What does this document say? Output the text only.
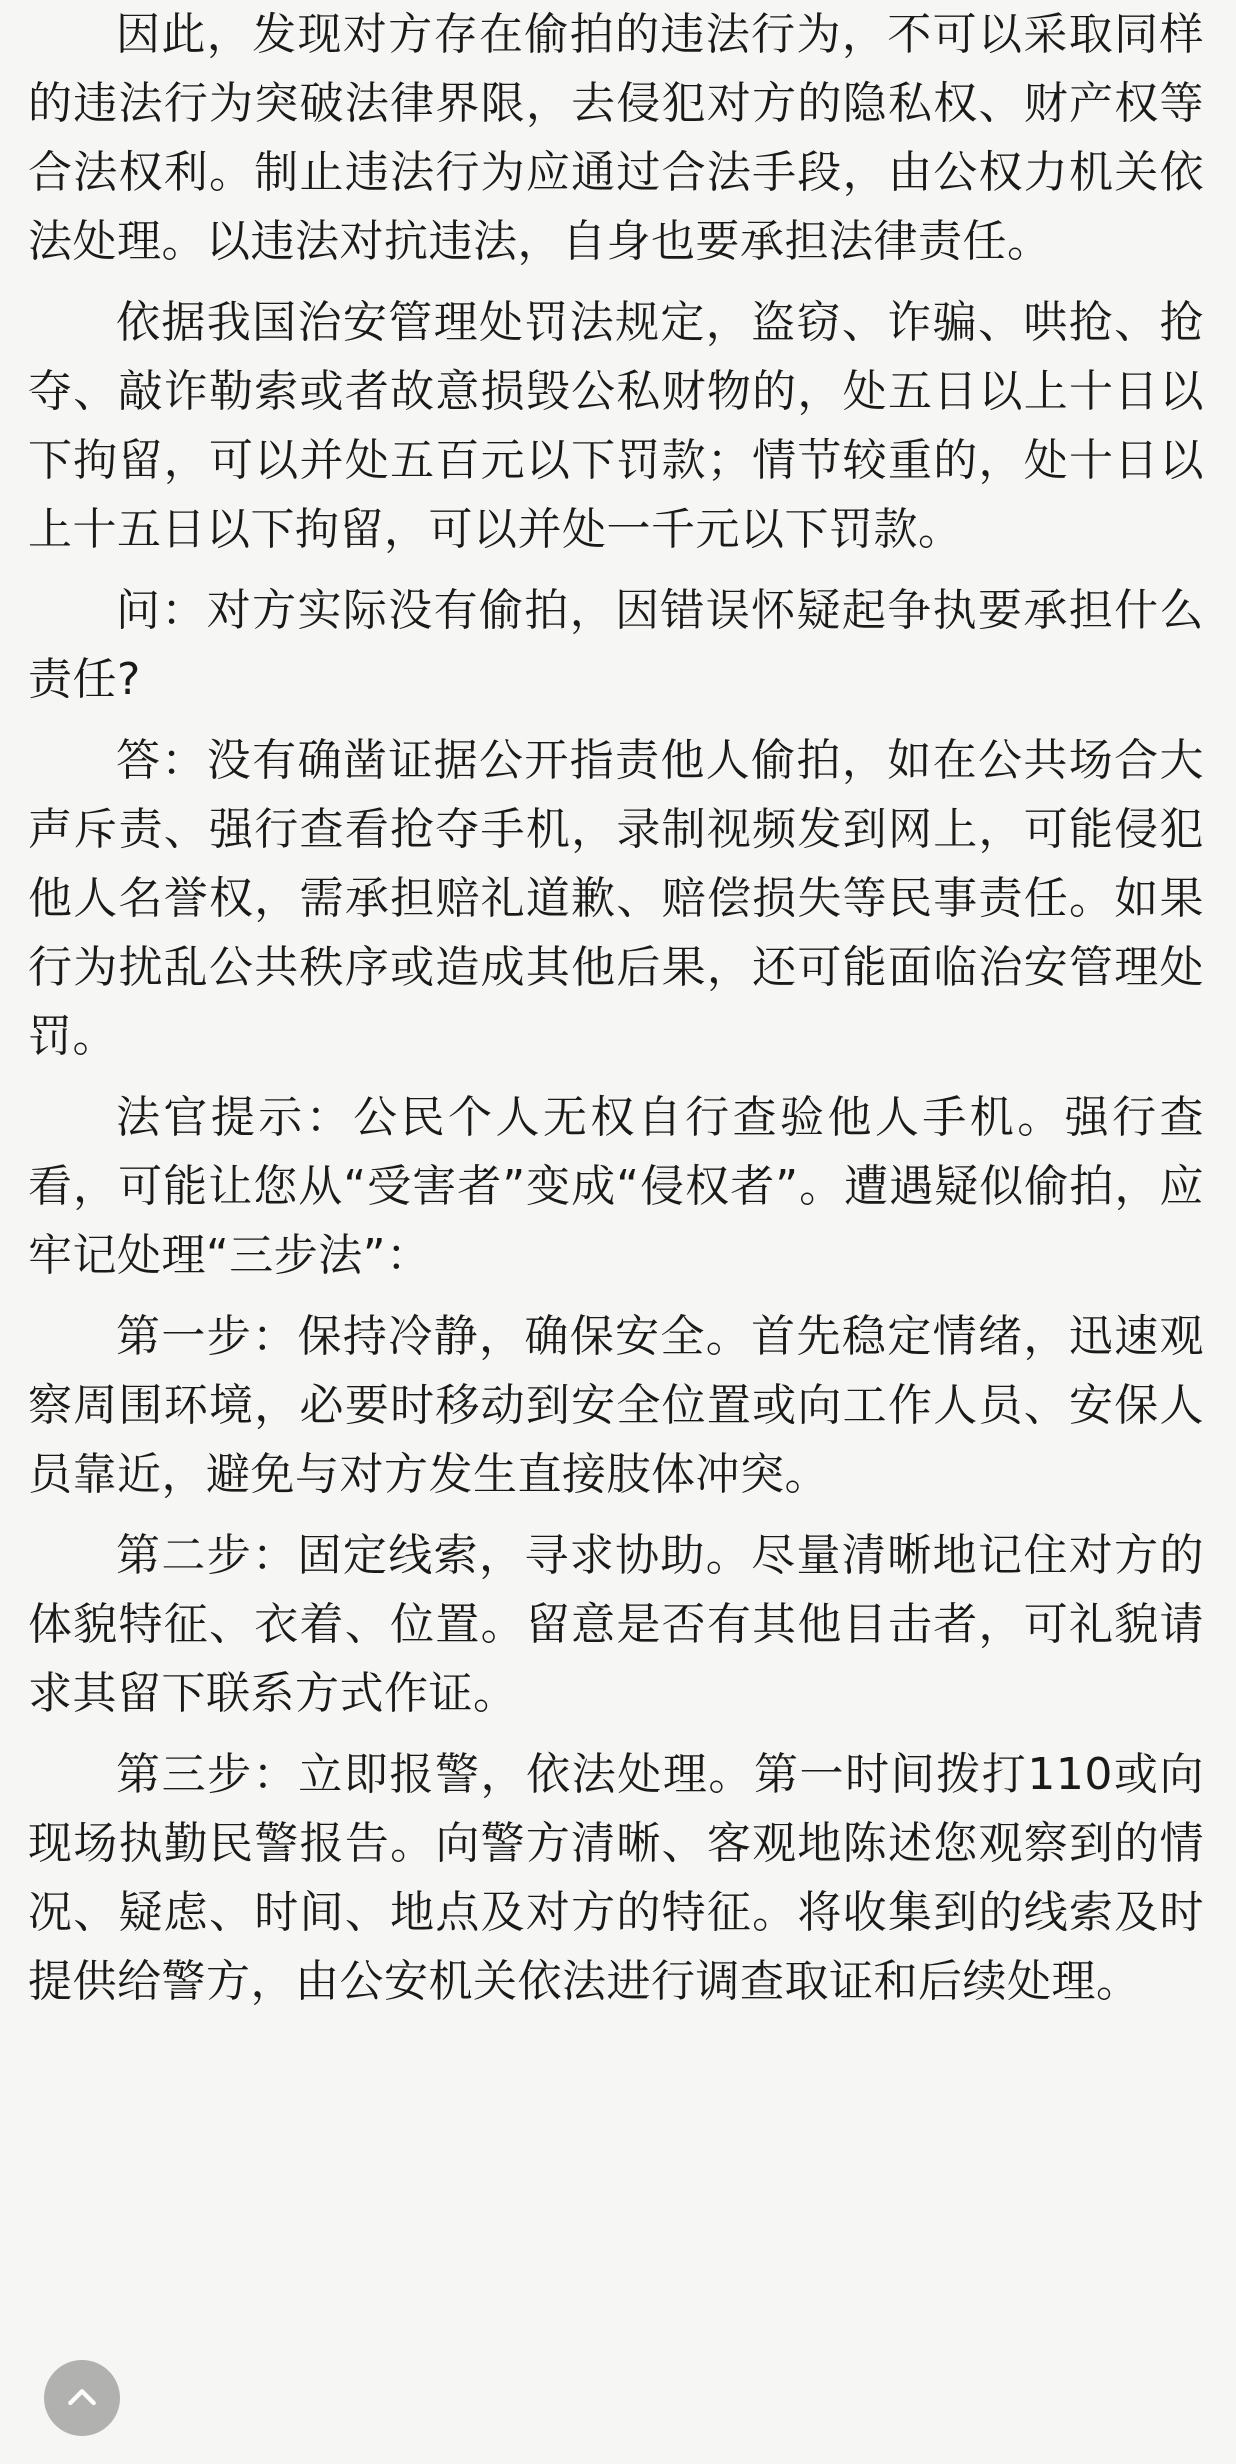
因此，发现对方存在偷拍的违法行为，不可以采取同样的违法行为突破法律界限，去侵犯对方的隐私权、财产权等合法权利。制止违法行为应通过合法手段，由公权力机关依法处理。以违法对抗违法，自身也要承担法律责任。

依据我国治安管理处罚法规定，盗窃、诈骗、哄抢、抢夺、敲诈勒索或者故意损毁公私财物的，处五日以上十日以下拘留，可以并处五百元以下罚款；情节较重的，处十日以上十五日以下拘留，可以并处一千元以下罚款。

问：对方实际没有偷拍，因错误怀疑起争执要承担什么责任?

答：没有确凿证据公开指责他人偷拍，如在公共场合大声斥责、强行查看抢夺手机，录制视频发到网上，可能侵犯他人名誉权，需承担赔礼道歉、赔偿损失等民事责任。如果行为扰乱公共秩序或造成其他后果，还可能面临治安管理处罚。

法官提示：公民个人无权自行查验他人手机。强行查看，可能让您从“受害者”变成“侵权者”。遭遇疑似偷拍，应牢记处理“三步法”：

第一步：保持冷静，确保安全。首先稳定情绪，迅速观察周围环境，必要时移动到安全位置或向工作人员、安保人员靠近，避免与对方发生直接肢体冲突。

第二步：固定线索，寻求协助。尽量清晰地记住对方的体貌特征、衣着、位置。留意是否有其他目击者，可礼貌请求其留下联系方式作证。

第三步：立即报警，依法处理。第一时间拨打110或向现场执勤民警报告。向警方清晰、客观地陈述您观察到的情况、疑虑、时间、地点及对方的特征。将收集到的线索及时提供给警方，由公安机关依法进行调查取证和后续处理。
